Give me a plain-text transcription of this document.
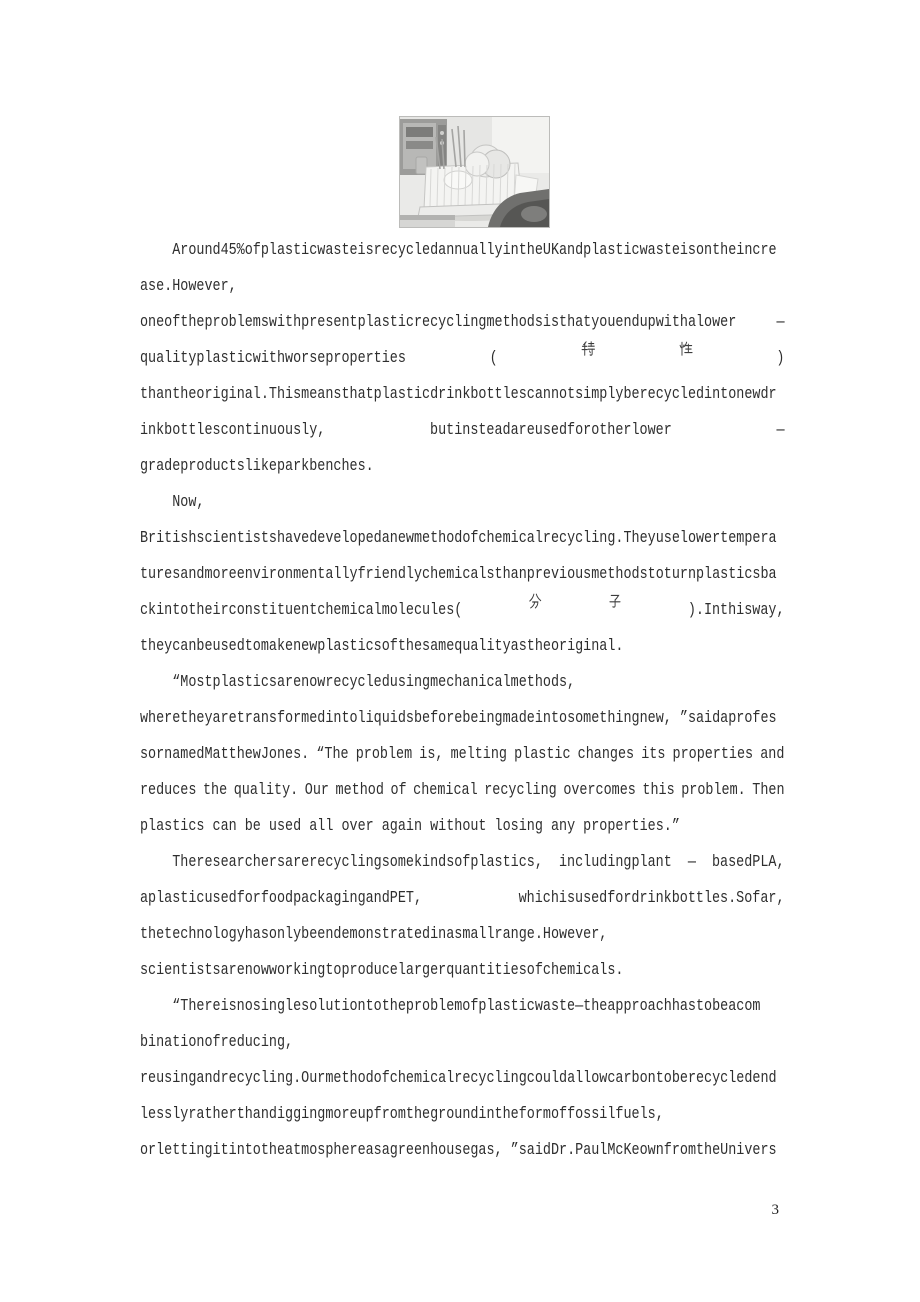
Around45%ofplasticwasteisrecycledannuallyintheUKandplasticwasteisontheincre
ase.However,
oneoftheproblemswithpresentplasticrecyclingmethodsisthatyouendupwithalower —
qualityplasticwithworseproperties	(	)
thantheoriginal.Thismeansthatplasticdrinkbottlescannotsimplyberecycledintonewdr
inkbottlescontinuously,	butinsteadareusedforotherlower	—
gradeproductslikeparkbenches.
Now,
Britishscientistshavedevelopedanewmethodofchemicalrecycling.Theyuselowertempera
turesandmoreenvironmentallyfriendlychemicalsthanpreviousmethodstoturnplasticsba
ckintotheirconstituentchemicalmolecules(	).Inthisway,
theycanbeusedtomakenewplasticsofthesamequalityastheoriginal.
“Mostplasticsarenowrecycledusingmechanicalmethods,
wheretheyaretransformedintoliquidsbeforebeingmadeintosomethingnew, ”saidaprofes
sornamedMatthewJones. “The problem is, melting plastic changes its properties and
reduces the quality. Our method of chemical recycling overcomes this problem. Then
plastics can be used all over again without losing any properties.”
Theresearchersarerecyclingsomekindsofplastics, includingplant — basedPLA,
aplasticusedforfoodpackagingandPET,	whichisusedfordrinkbottles.Sofar,
thetechnologyhasonlybeendemonstratedinasmallrange.However,
scientistsarenowworkingtoproducelargerquantitiesofchemicals.
“Thereisnosinglesolutiontotheproblemofplasticwaste—theapproachhastobeacom
binationofreducing,
reusingandrecycling.Ourmethodofchemicalrecyclingcouldallowcarbontoberecycledend
lesslyratherthandiggingmoreupfromthegroundintheformoffossilfuels,
orlettingitintotheatmosphereasagreenhousegas, ”saidDr.PaulMcKeownfromtheUnivers
3
